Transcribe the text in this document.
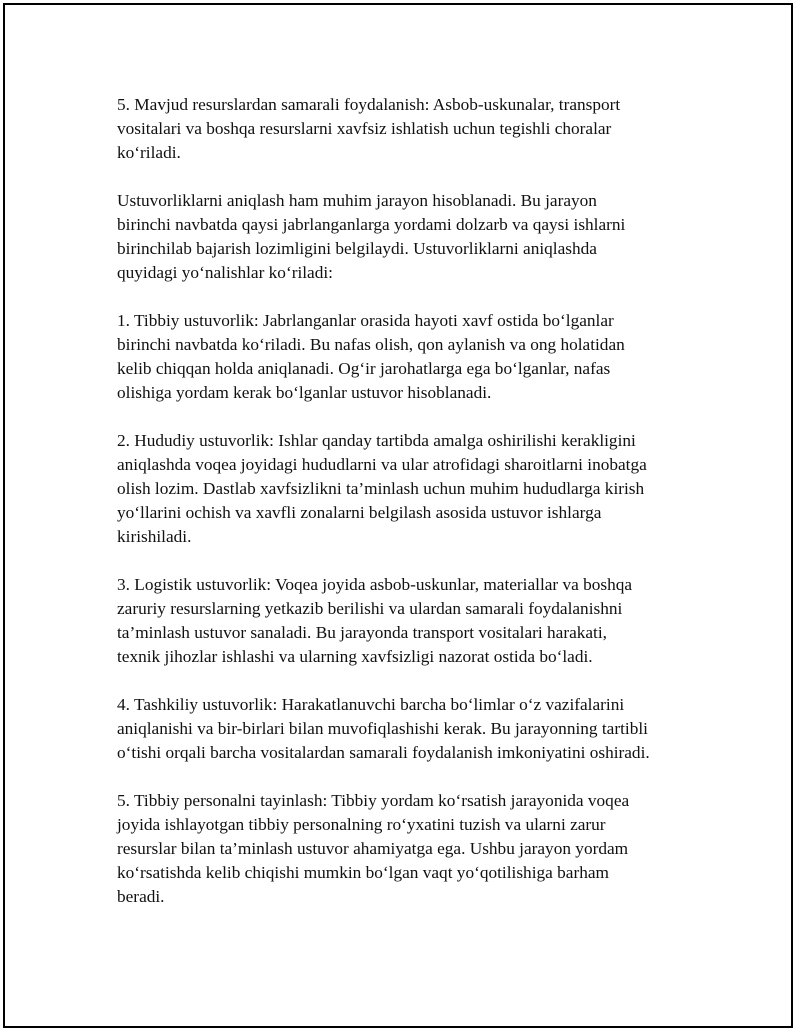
5. Mavjud resurslardan samarali foydalanish: Asbob-uskunalar, transport
vositalari va boshqa resurslarni xavfsiz ishlatish uchun tegishli choralar
ko‘riladi.

Ustuvorliklarni aniqlash ham muhim jarayon hisoblanadi. Bu jarayon
birinchi navbatda qaysi jabrlanganlarga yordami dolzarb va qaysi ishlarni
birinchilab bajarish lozimligini belgilaydi. Ustuvorliklarni aniqlashda
quyidagi yo‘nalishlar ko‘riladi:

1. Tibbiy ustuvorlik: Jabrlanganlar orasida hayoti xavf ostida bo‘lganlar
birinchi navbatda ko‘riladi. Bu nafas olish, qon aylanish va ong holatidan
kelib chiqqan holda aniqlanadi. Og‘ir jarohatlarga ega bo‘lganlar, nafas
olishiga yordam kerak bo‘lganlar ustuvor hisoblanadi.

2. Hududiy ustuvorlik: Ishlar qanday tartibda amalga oshirilishi kerakligini
aniqlashda voqea joyidagi hududlarni va ular atrofidagi sharoitlarni inobatga
olish lozim. Dastlab xavfsizlikni ta’minlash uchun muhim hududlarga kirish
yo‘llarini ochish va xavfli zonalarni belgilash asosida ustuvor ishlarga
kirishiladi.

3. Logistik ustuvorlik: Voqea joyida asbob-uskunlar, materiallar va boshqa
zaruriy resurslarning yetkazib berilishi va ulardan samarali foydalanishni
ta’minlash ustuvor sanaladi. Bu jarayonda transport vositalari harakati,
texnik jihozlar ishlashi va ularning xavfsizligi nazorat ostida bo‘ladi.

4. Tashkiliy ustuvorlik: Harakatlanuvchi barcha bo‘limlar o‘z vazifalarini
aniqlanishi va bir-birlari bilan muvofiqlashishi kerak. Bu jarayonning tartibli
o‘tishi orqali barcha vositalardan samarali foydalanish imkoniyatini oshiradi.

5. Tibbiy personalni tayinlash: Tibbiy yordam ko‘rsatish jarayonida voqea
joyida ishlayotgan tibbiy personalning ro‘yxatini tuzish va ularni zarur
resurslar bilan ta’minlash ustuvor ahamiyatga ega. Ushbu jarayon yordam
ko‘rsatishda kelib chiqishi mumkin bo‘lgan vaqt yo‘qotilishiga barham
beradi.
